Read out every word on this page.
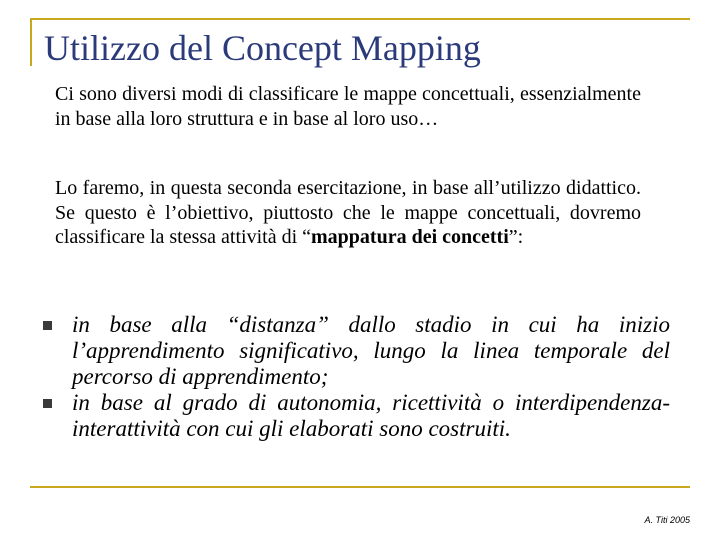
Utilizzo del Concept Mapping

Ci sono diversi modi di classificare le mappe concettuali, essenzialmente in base alla loro struttura e in base al loro uso…

Lo faremo, in questa seconda esercitazione, in base all’utilizzo didattico. Se questo è l’obiettivo, piuttosto che le mappe concettuali, dovremo classificare la stessa attività di “mappatura dei concetti”:

in base alla “distanza” dallo stadio in cui ha inizio l’apprendimento significativo, lungo la linea temporale del percorso di apprendimento;
in base al grado di autonomia, ricettività o interdipendenza-interattività con cui gli elaborati sono costruiti.
A. Titi 2005
